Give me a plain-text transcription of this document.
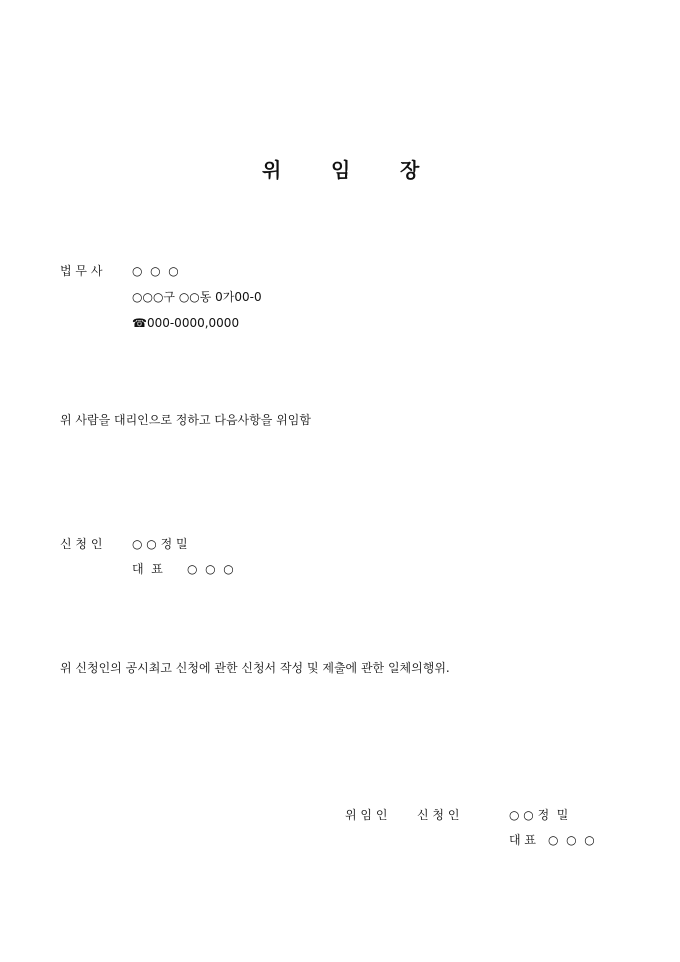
위 임 장
법 무 사 ○  ○  ○
○○○구 ○○동 0가00-0
☎000-0000,0000
위 사람을 대리인으로 정하고 다음사항을 위임함
신 청 인 ○ ○ 정 밀
대  표 ○  ○  ○
위 신청인의 공시최고 신청에 관한 신청서 작성 및 제출에 관한 일체의행위.
위 임 인 신 청 인	○ ○ 정  밀
대 표 ○  ○  ○
